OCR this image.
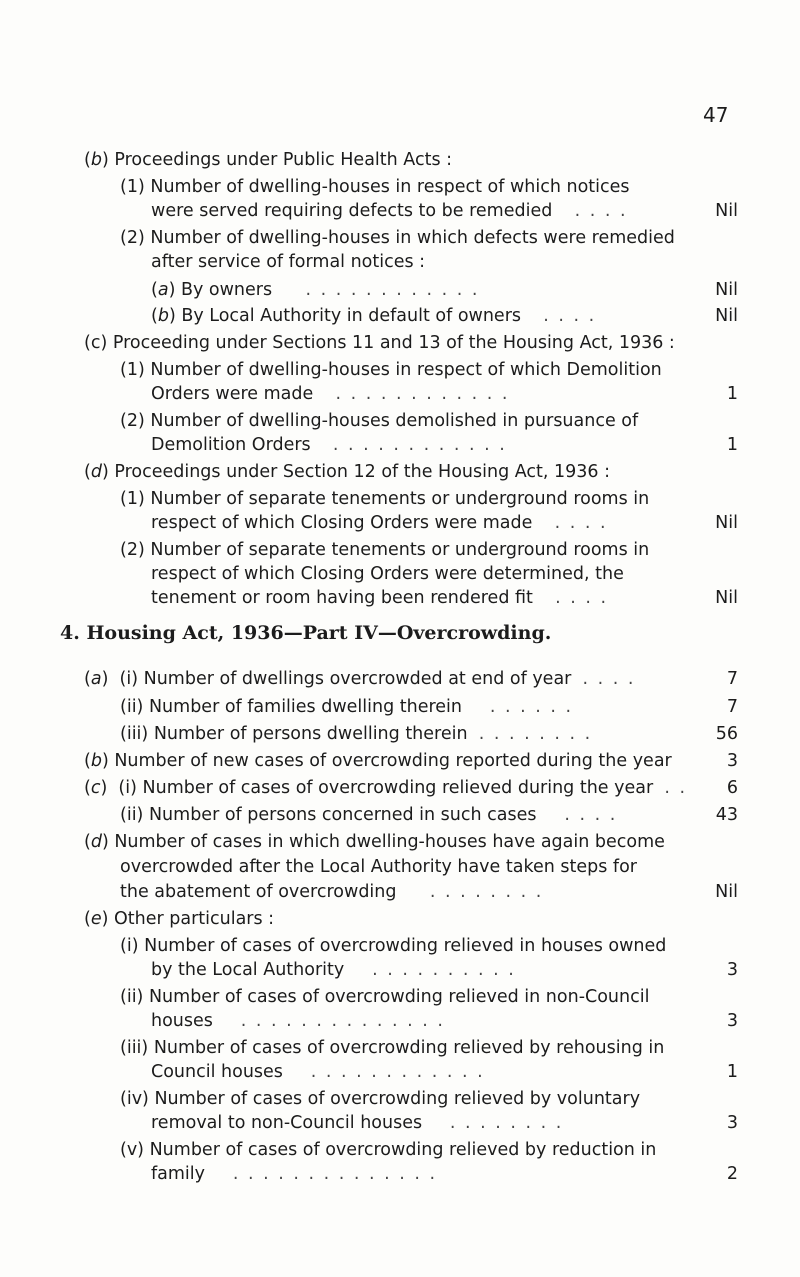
47
(b) Proceedings under Public Health Acts :
(1) Number of dwelling-houses in respect of which notices
were served requiring defects to be remedied . . . .	Nil
(2) Number of dwelling-houses in which defects were remedied
after service of formal notices :
(a) By owners . . . . . . . . . . . .	Nil
(b) By Local Authority in default of owners . . . .	Nil
(c) Proceeding under Sections 11 and 13 of the Housing Act, 1936 :
(1) Number of dwelling-houses in respect of which Demolition
Orders were made . . . . . . . . . . . .	1
(2) Number of dwelling-houses demolished in pursuance of
Demolition Orders . . . . . . . . . . . .	1
(d) Proceedings under Section 12 of the Housing Act, 1936 :
(1) Number of separate tenements or underground rooms in
respect of which Closing Orders were made . . . .	Nil
(2) Number of separate tenements or underground rooms in
respect of which Closing Orders were determined, the
tenement or room having been rendered fit . . . .	Nil
4. Housing Act, 1936—Part IV—Overcrowding.
(a)  (i) Number of dwellings overcrowded at end of year . . . .	7
(ii) Number of families dwelling therein . . . . . .	7
(iii) Number of persons dwelling therein . . . . . . . .	56
(b) Number of new cases of overcrowding reported during the year	3
(c)  (i) Number of cases of overcrowding relieved during the year . . 6
(ii) Number of persons concerned in such cases . . . .	43
(d) Number of cases in which dwelling-houses have again become
overcrowded after the Local Authority have taken steps for
the abatement of overcrowding . . . . . . . .	Nil
(e) Other particulars :
(i) Number of cases of overcrowding relieved in houses owned
by the Local Authority . . . . . . . . . .	3
(ii) Number of cases of overcrowding relieved in non-Council
houses . . . . . . . . . . . . . .	3
(iii) Number of cases of overcrowding relieved by rehousing in
Council houses . . . . . . . . . . . .	1
(iv) Number of cases of overcrowding relieved by voluntary
removal to non-Council houses . . . . . . . .	3
(v) Number of cases of overcrowding relieved by reduction in
family . . . . . . . . . . . . . .	2
